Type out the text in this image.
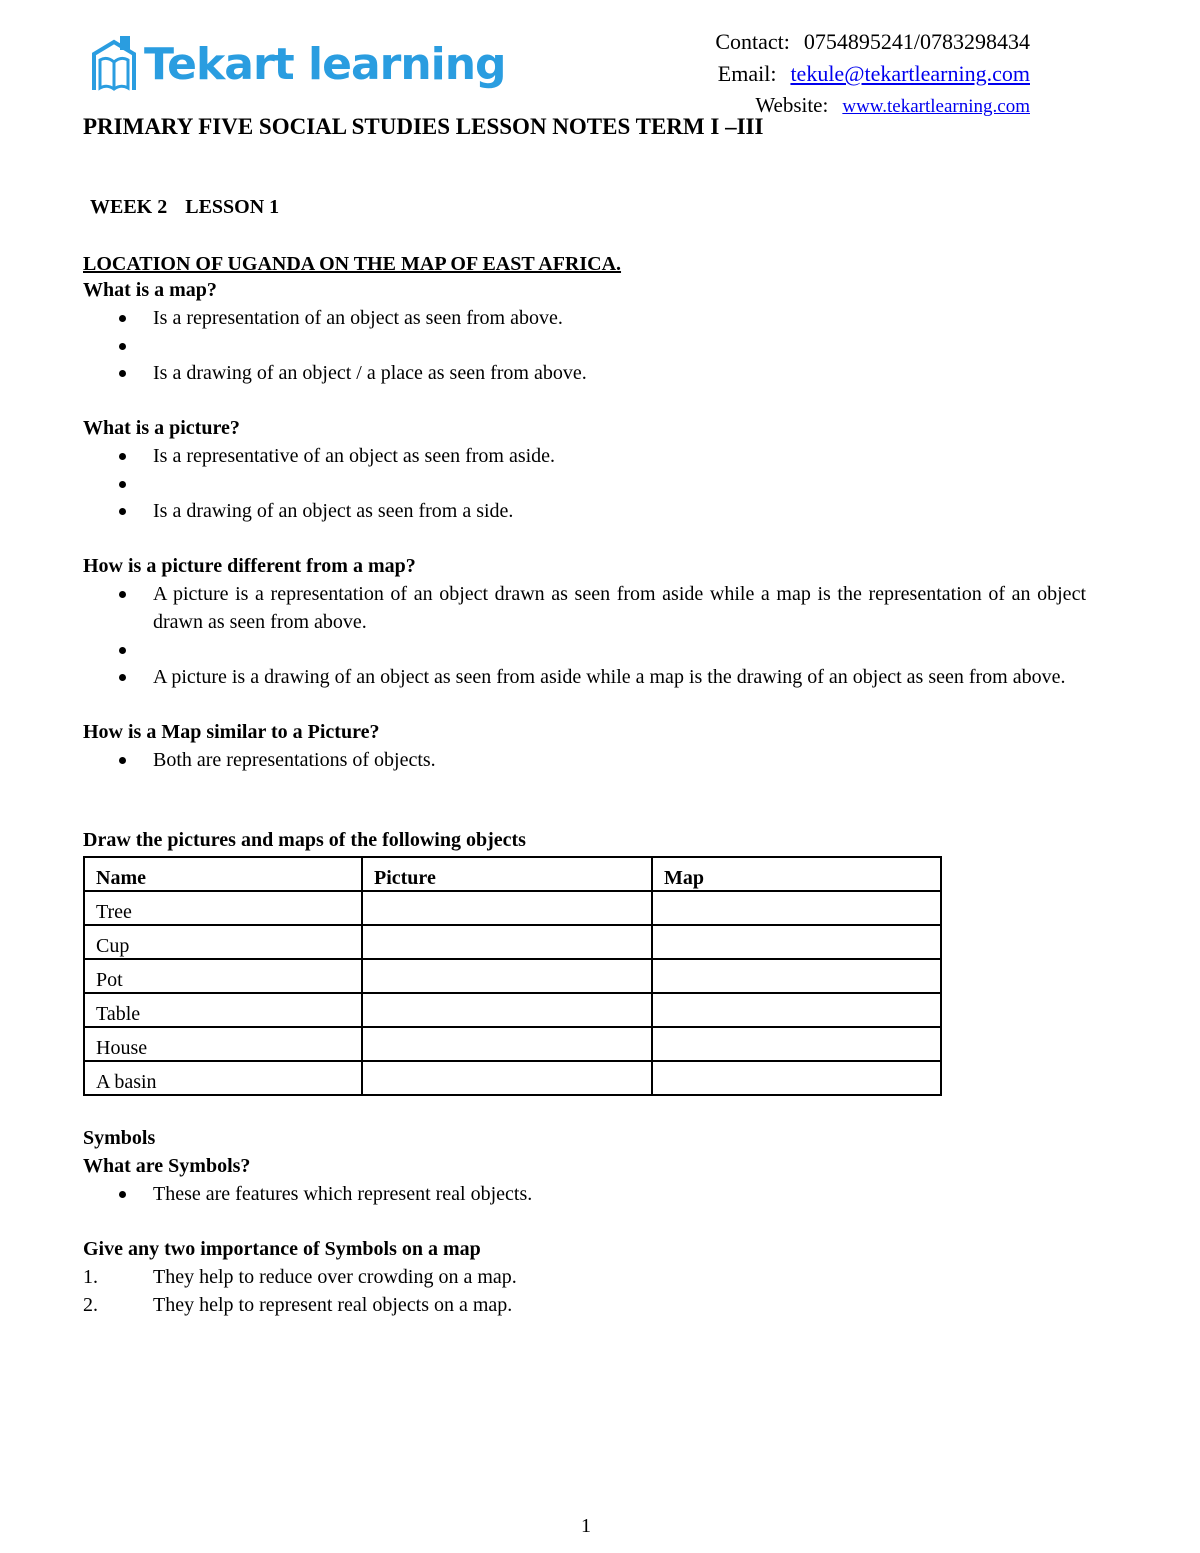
Tekart learning	Contact: 0754895241/0783298434
Email: tekule@tekartlearning.com
Website: www.tekartlearning.com
PRIMARY FIVE SOCIAL STUDIES LESSON NOTES TERM I –III
WEEK 2 LESSON 1
LOCATION OF UGANDA ON THE MAP OF EAST AFRICA.

What is a map?

Is a representation of an object as seen from above.
Is a drawing of an object / a place as seen from above.

What is a picture?

Is a representative of an object as seen from aside.
Is a drawing of an object as seen from a side.

How is a picture different from a map?

A picture is a representation of an object drawn as seen from aside while a map is the representation of an object drawn as seen from above.
A picture is a drawing of an object as seen from aside while a map is the drawing of an object as seen from above.

How is a Map similar to a Picture?

Both are representations of objects.

Draw the pictures and maps of the following objects

Name	Picture	Map
Tree		
Cup		
Pot		
Table		
House		
A basin		

Symbols

What are Symbols?

These are features which represent real objects.

Give any two importance of Symbols on a map

1.	They help to reduce over crowding on a map.
2.	They help to represent real objects on a map.
1
